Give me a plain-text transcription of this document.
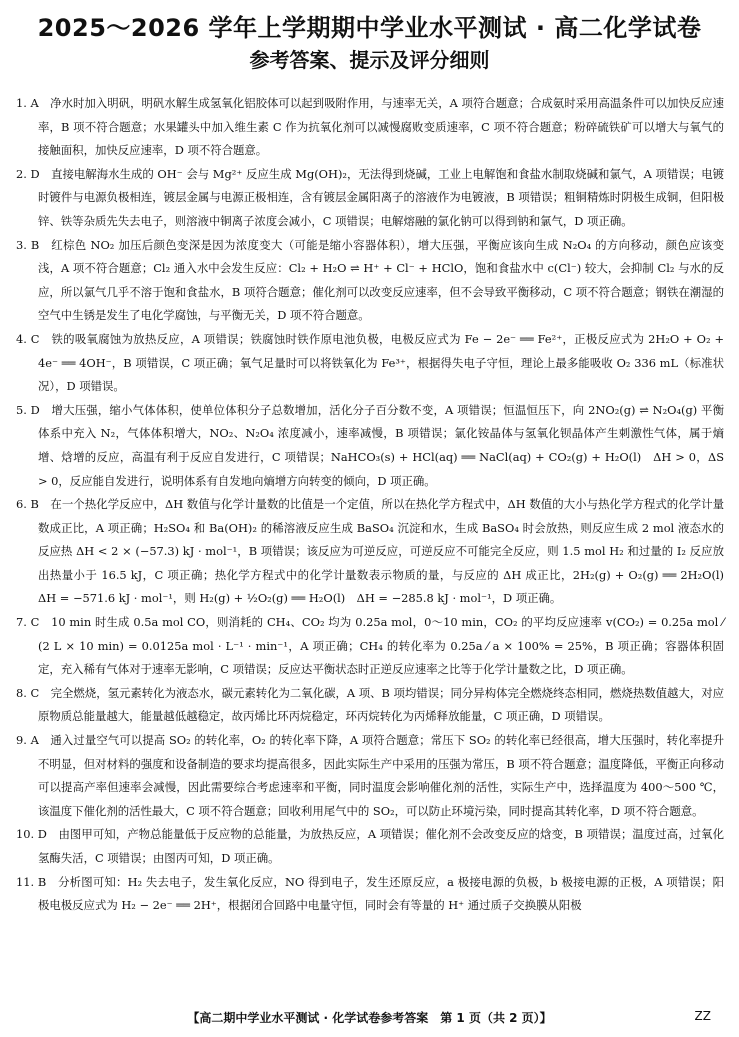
2025～2026 学年上学期期中学业水平测试 · 高二化学试卷
参考答案、提示及评分细则

1. A　净水时加入明矾，明矾水解生成氢氧化铝胶体可以起到吸附作用，与速率无关，A 项符合题意；合成氨时采用高温条件可以加快反应速率，B 项不符合题意；水果罐头中加入维生素 C 作为抗氧化剂可以减慢腐败变质速率，C 项不符合题意；粉碎硫铁矿可以增大与氧气的接触面积，加快反应速率，D 项不符合题意。

2. D　直接电解海水生成的 OH⁻ 会与 Mg²⁺ 反应生成 Mg(OH)₂，无法得到烧碱，工业上电解饱和食盐水制取烧碱和氯气，A 项错误；电镀时镀件与电源负极相连，镀层金属与电源正极相连，含有镀层金属阳离子的溶液作为电镀液，B 项错误；粗铜精炼时阴极生成铜，但阳极锌、铁等杂质先失去电子，则溶液中铜离子浓度会减小，C 项错误；电解熔融的氯化钠可以得到钠和氯气，D 项正确。

3. B　红棕色 NO₂ 加压后颜色变深是因为浓度变大（可能是缩小容器体积），增大压强，平衡应该向生成 N₂O₄ 的方向移动，颜色应该变浅，A 项不符合题意；Cl₂ 通入水中会发生反应：Cl₂ + H₂O ⇌ H⁺ + Cl⁻ + HClO，饱和食盐水中 c(Cl⁻) 较大，会抑制 Cl₂ 与水的反应，所以氯气几乎不溶于饱和食盐水，B 项符合题意；催化剂可以改变反应速率，但不会导致平衡移动，C 项不符合题意；钢铁在潮湿的空气中生锈是发生了电化学腐蚀，与平衡无关，D 项不符合题意。

4. C　铁的吸氧腐蚀为放热反应，A 项错误；铁腐蚀时铁作原电池负极，电极反应式为 Fe − 2e⁻ ══ Fe²⁺，正极反应式为 2H₂O + O₂ + 4e⁻ ══ 4OH⁻，B 项错误，C 项正确；氧气足量时可以将铁氧化为 Fe³⁺，根据得失电子守恒，理论上最多能吸收 O₂ 336 mL（标准状况），D 项错误。

5. D　增大压强，缩小气体体积，使单位体积分子总数增加，活化分子百分数不变，A 项错误；恒温恒压下，向 2NO₂(g) ⇌ N₂O₄(g) 平衡体系中充入 N₂，气体体积增大，NO₂、N₂O₄ 浓度减小，速率减慢，B 项错误；氯化铵晶体与氢氧化钡晶体产生刺激性气体，属于熵增、焓增的反应，高温有利于反应自发进行，C 项错误；NaHCO₃(s) + HCl(aq) ══ NaCl(aq) + CO₂(g) + H₂O(l)　ΔH > 0，ΔS > 0，反应能自发进行，说明体系有自发地向熵增方向转变的倾向，D 项正确。

6. B　在一个热化学反应中，ΔH 数值与化学计量数的比值是一个定值，所以在热化学方程式中，ΔH 数值的大小与热化学方程式的化学计量数成正比，A 项正确；H₂SO₄ 和 Ba(OH)₂ 的稀溶液反应生成 BaSO₄ 沉淀和水，生成 BaSO₄ 时会放热，则反应生成 2 mol 液态水的反应热 ΔH < 2 × (−57.3) kJ · mol⁻¹，B 项错误；该反应为可逆反应，可逆反应不可能完全反应，则 1.5 mol H₂ 和过量的 I₂ 反应放出热量小于 16.5 kJ，C 项正确；热化学方程式中的化学计量数表示物质的量，与反应的 ΔH 成正比，2H₂(g) + O₂(g) ══ 2H₂O(l)　ΔH = −571.6 kJ · mol⁻¹，则 H₂(g) + ½O₂(g) ══ H₂O(l)　ΔH = −285.8 kJ · mol⁻¹，D 项正确。

7. C　10 min 时生成 0.5a mol CO，则消耗的 CH₄、CO₂ 均为 0.25a mol，0～10 min，CO₂ 的平均反应速率 v(CO₂) = 0.25a mol ⁄ (2 L × 10 min) = 0.0125a mol · L⁻¹ · min⁻¹，A 项正确；CH₄ 的转化率为 0.25a ⁄ a × 100% = 25%，B 项正确；容器体积固定，充入稀有气体对于速率无影响，C 项错误；反应达平衡状态时正逆反应速率之比等于化学计量数之比，D 项正确。

8. C　完全燃烧，氢元素转化为液态水，碳元素转化为二氧化碳，A 项、B 项均错误；同分异构体完全燃烧终态相同，燃烧热数值越大，对应原物质总能量越大，能量越低越稳定，故丙烯比环丙烷稳定，环丙烷转化为丙烯释放能量，C 项正确，D 项错误。

9. A　通入过量空气可以提高 SO₂ 的转化率，O₂ 的转化率下降，A 项符合题意；常压下 SO₂ 的转化率已经很高，增大压强时，转化率提升不明显，但对材料的强度和设备制造的要求均提高很多，因此实际生产中采用的压强为常压，B 项不符合题意；温度降低，平衡正向移动可以提高产率但速率会减慢，因此需要综合考虑速率和平衡，同时温度会影响催化剂的活性，实际生产中，选择温度为 400～500 ℃，该温度下催化剂的活性最大，C 项不符合题意；回收利用尾气中的 SO₂，可以防止环境污染，同时提高其转化率，D 项不符合题意。

10. D　由图甲可知，产物总能量低于反应物的总能量，为放热反应，A 项错误；催化剂不会改变反应的焓变，B 项错误；温度过高，过氧化氢酶失活，C 项错误；由图丙可知，D 项正确。

11. B　分析图可知：H₂ 失去电子，发生氧化反应，NO 得到电子，发生还原反应，a 极接电源的负极，b 极接电源的正极，A 项错误；阳极电极反应式为 H₂ − 2e⁻ ══ 2H⁺，根据闭合回路中电量守恒，同时会有等量的 H⁺ 通过质子交换膜从阳极

【高二期中学业水平测试 · 化学试卷参考答案　第 1 页（共 2 页）】	ZZ
